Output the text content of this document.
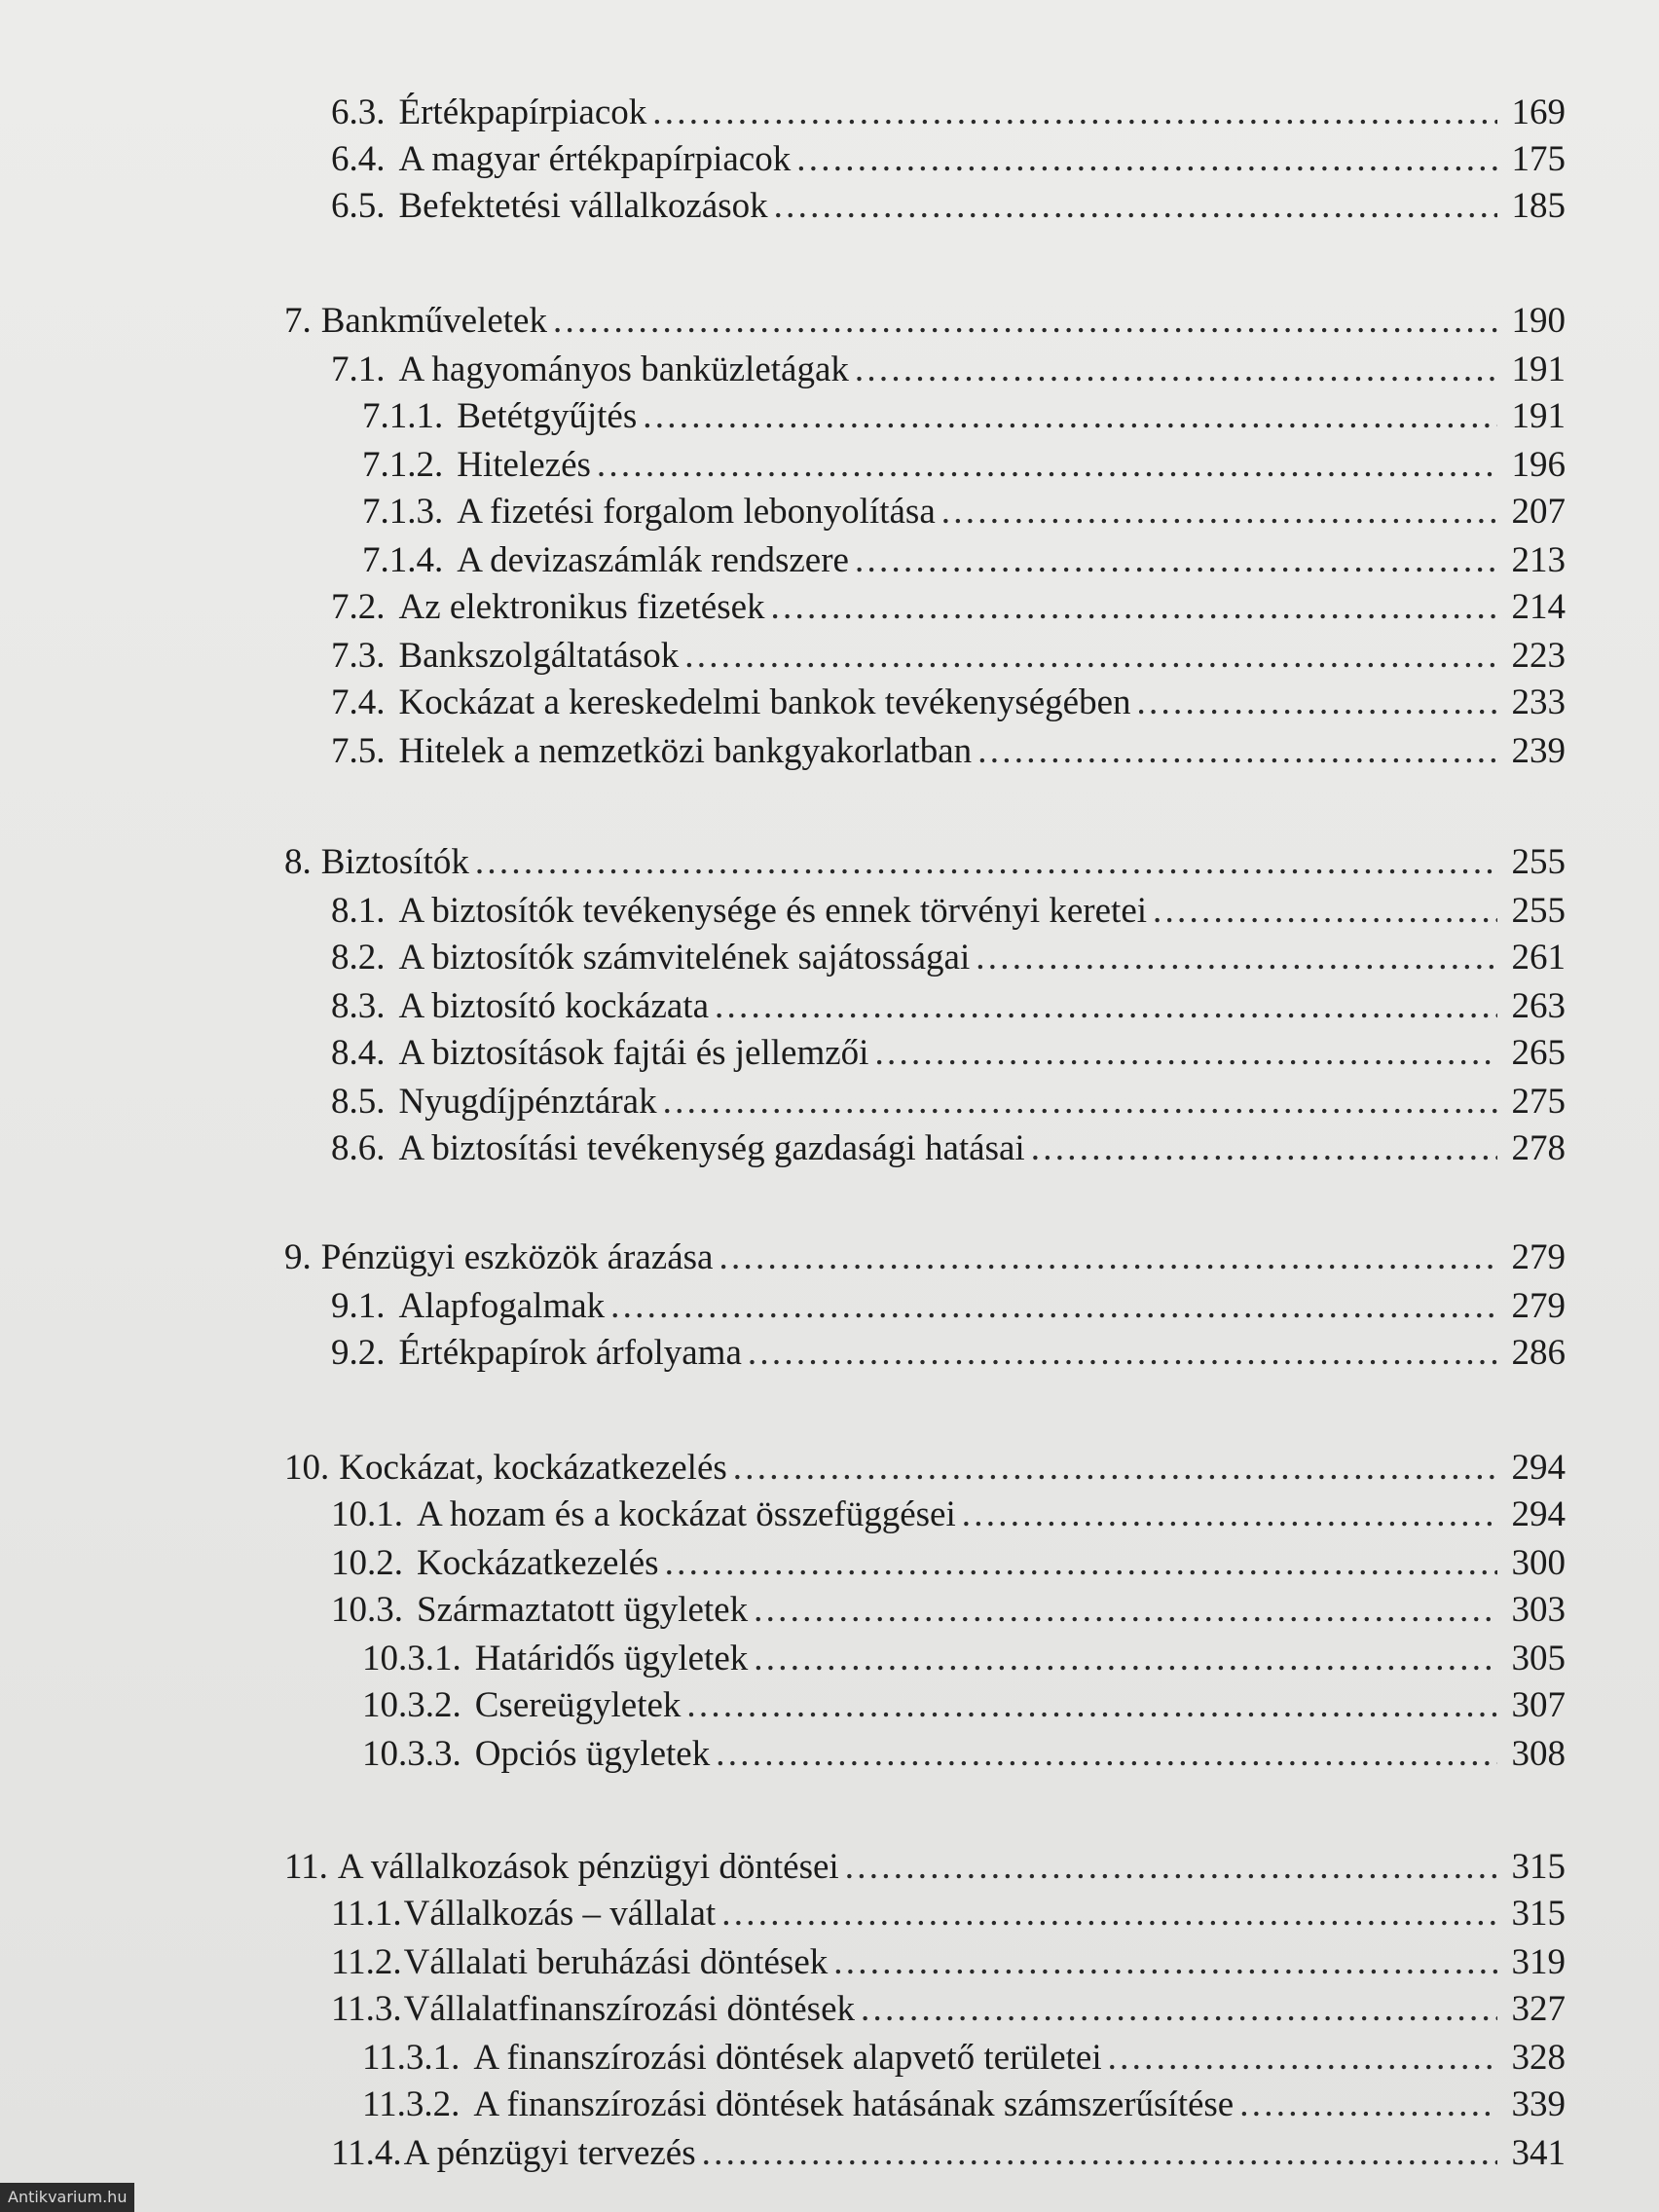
6.3. Értékpapírpiacok . . .	169
6.4. A magyar értékpapírpiacok . . .	175
6.5. Befektetési vállalkozások . . .	185
7. Bankműveletek . . .	190
7.1. A hagyományos banküzletágak . . .	191
7.1.1. Betétgyűjtés . . .	191
7.1.2. Hitelezés . . .	196
7.1.3. A fizetési forgalom lebonyolítása . . .	207
7.1.4. A devizaszámlák rendszere . . .	213
7.2. Az elektronikus fizetések . . .	214
7.3. Bankszolgáltatások . . .	223
7.4. Kockázat a kereskedelmi bankok tevékenységében . . .	233
7.5. Hitelek a nemzetközi bankgyakorlatban . . .	239
8. Biztosítók . . .	255
8.1. A biztosítók tevékenysége és ennek törvényi keretei . . .	255
8.2. A biztosítók számvitelének sajátosságai . . .	261
8.3. A biztosító kockázata . . .	263
8.4. A biztosítások fajtái és jellemzői . . .	265
8.5. Nyugdíjpénztárak . . .	275
8.6. A biztosítási tevékenység gazdasági hatásai . . .	278
9. Pénzügyi eszközök árazása . . .	279
9.1. Alapfogalmak . . .	279
9.2. Értékpapírok árfolyama . . .	286
10. Kockázat, kockázatkezelés . . .	294
10.1. A hozam és a kockázat összefüggései . . .	294
10.2. Kockázatkezelés . . .	300
10.3. Származtatott ügyletek . . .	303
10.3.1. Határidős ügyletek . . .	305
10.3.2. Csereügyletek . . .	307
10.3.3. Opciós ügyletek . . .	308
11. A vállalkozások pénzügyi döntései . . .	315
11.1. Vállalkozás – vállalat . . .	315
11.2. Vállalati beruházási döntések . . .	319
11.3. Vállalatfinanszírozási döntések . . .	327
11.3.1. A finanszírozási döntések alapvető területei . . .	328
11.3.2. A finanszírozási döntések hatásának számszerűsítése . . .	339
11.4. A pénzügyi tervezés . . .	341
Antikvarium.hu
